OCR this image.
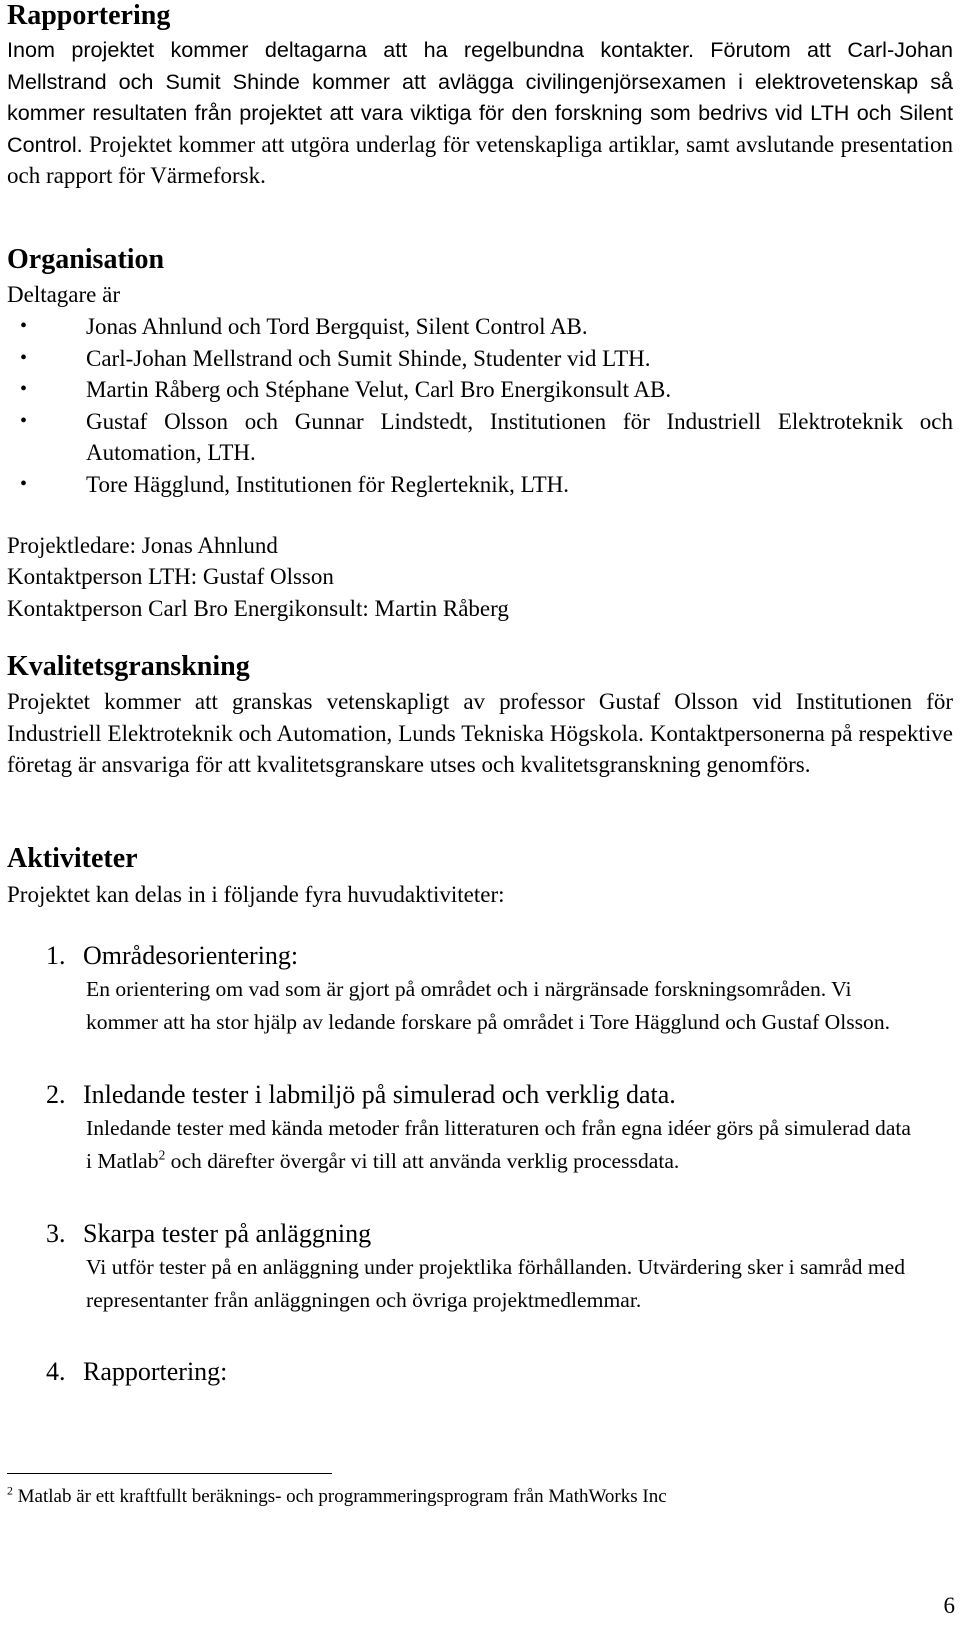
Rapportering

Inom projektet kommer deltagarna att ha regelbundna kontakter. Förutom att Carl-Johan Mellstrand och Sumit Shinde kommer att avlägga civilingenjörsexamen i elektrovetenskap så kommer resultaten från projektet att vara viktiga för den forskning som bedrivs vid LTH och Silent Control. Projektet kommer att utgöra underlag för vetenskapliga artiklar, samt avslutande presentation och rapport för Värmeforsk.

Organisation

Deltagare är

•	Jonas Ahnlund och Tord Bergquist, Silent Control AB.
•	Carl-Johan Mellstrand och Sumit Shinde, Studenter vid LTH.
•	Martin Råberg och Stéphane Velut, Carl Bro Energikonsult AB.
•	Gustaf Olsson och Gunnar Lindstedt, Institutionen för Industriell Elektroteknik och Automation, LTH.
•	Tore Hägglund, Institutionen för Reglerteknik, LTH.

Projektledare: Jonas Ahnlund

Kontaktperson LTH: Gustaf Olsson

Kontaktperson Carl Bro Energikonsult: Martin Råberg

Kvalitetsgranskning

Projektet kommer att granskas vetenskapligt av professor Gustaf Olsson vid Institutionen för Industriell Elektroteknik och Automation, Lunds Tekniska Högskola. Kontaktpersonerna på respektive företag är ansvariga för att kvalitetsgranskare utses och kvalitetsgranskning genomförs.

Aktiviteter

Projektet kan delas in i följande fyra huvudaktiviteter:

1. Områdesorientering:

En orientering om vad som är gjort på området och i närgränsade forskningsområden. Vi kommer att ha stor hjälp av ledande forskare på området i Tore Hägglund och Gustaf Olsson.

2. Inledande tester i labmiljö på simulerad och verklig data.

Inledande tester med kända metoder från litteraturen och från egna idéer görs på simulerad data i Matlab$^2$ och därefter övergår vi till att använda verklig processdata.

3. Skarpa tester på anläggning

Vi utför tester på en anläggning under projektlika förhållanden. Utvärdering sker i samråd med representanter från anläggningen och övriga projektmedlemmar.

4. Rapportering:

$^2$ Matlab är ett kraftfullt beräknings- och programmeringsprogram från MathWorks Inc

6
